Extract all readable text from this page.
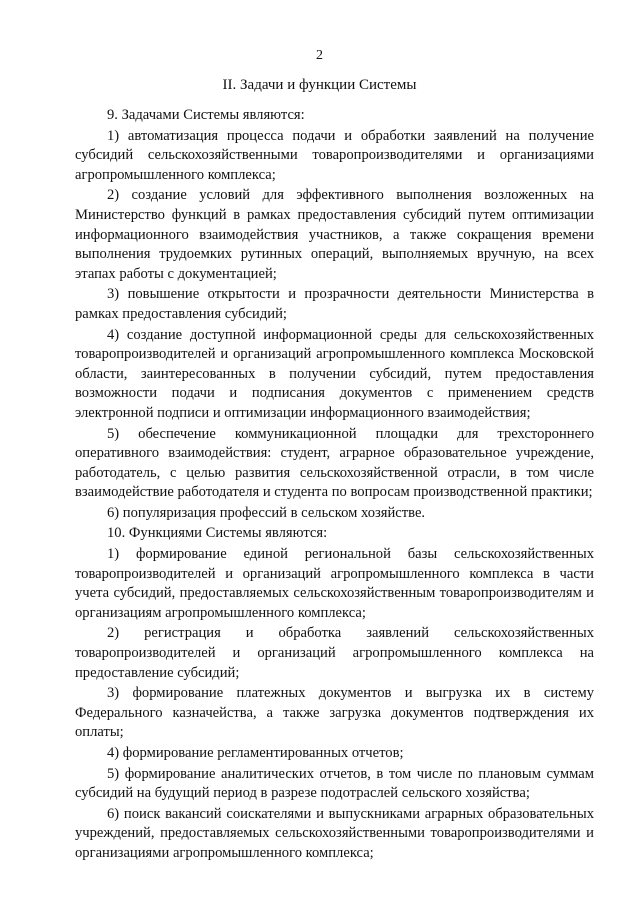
2
II. Задачи и функции Системы

9. Задачами Системы являются:

1) автоматизация процесса подачи и обработки заявлений на получение субсидий сельскохозяйственными товаропроизводителями и организациями агропромышленного комплекса;

2) создание условий для эффективного выполнения возложенных на Министерство функций в рамках предоставления субсидий путем оптимизации информационного взаимодействия участников, а также сокращения времени выполнения трудоемких рутинных операций, выполняемых вручную, на всех этапах работы с документацией;

3) повышение открытости и прозрачности деятельности Министерства в рамках предоставления субсидий;

4) создание доступной информационной среды для сельскохозяйственных товаропроизводителей и организаций агропромышленного комплекса Московской области, заинтересованных в получении субсидий, путем предоставления возможности подачи и подписания документов с применением средств электронной подписи и оптимизации информационного взаимодействия;

5) обеспечение коммуникационной площадки для трехстороннего оперативного взаимодействия: студент, аграрное образовательное учреждение, работодатель, с целью развития сельскохозяйственной отрасли, в том числе взаимодействие работодателя и студента по вопросам производственной практики;

6) популяризация профессий в сельском хозяйстве.

10. Функциями Системы являются:

1) формирование единой региональной базы сельскохозяйственных товаропроизводителей и организаций агропромышленного комплекса в части учета субсидий, предоставляемых сельскохозяйственным товаропроизводителям и организациям агропромышленного комплекса;

2) регистрация и обработка заявлений сельскохозяйственных товаропроизводителей и организаций агропромышленного комплекса на предоставление субсидий;

3) формирование платежных документов и выгрузка их в систему Федерального казначейства, а также загрузка документов подтверждения их оплаты;

4) формирование регламентированных отчетов;

5) формирование аналитических отчетов, в том числе по плановым суммам субсидий на будущий период в разрезе подотраслей сельского хозяйства;

6) поиск вакансий соискателями и выпускниками аграрных образовательных учреждений, предоставляемых сельскохозяйственными товаропроизводителями и организациями агропромышленного комплекса;
